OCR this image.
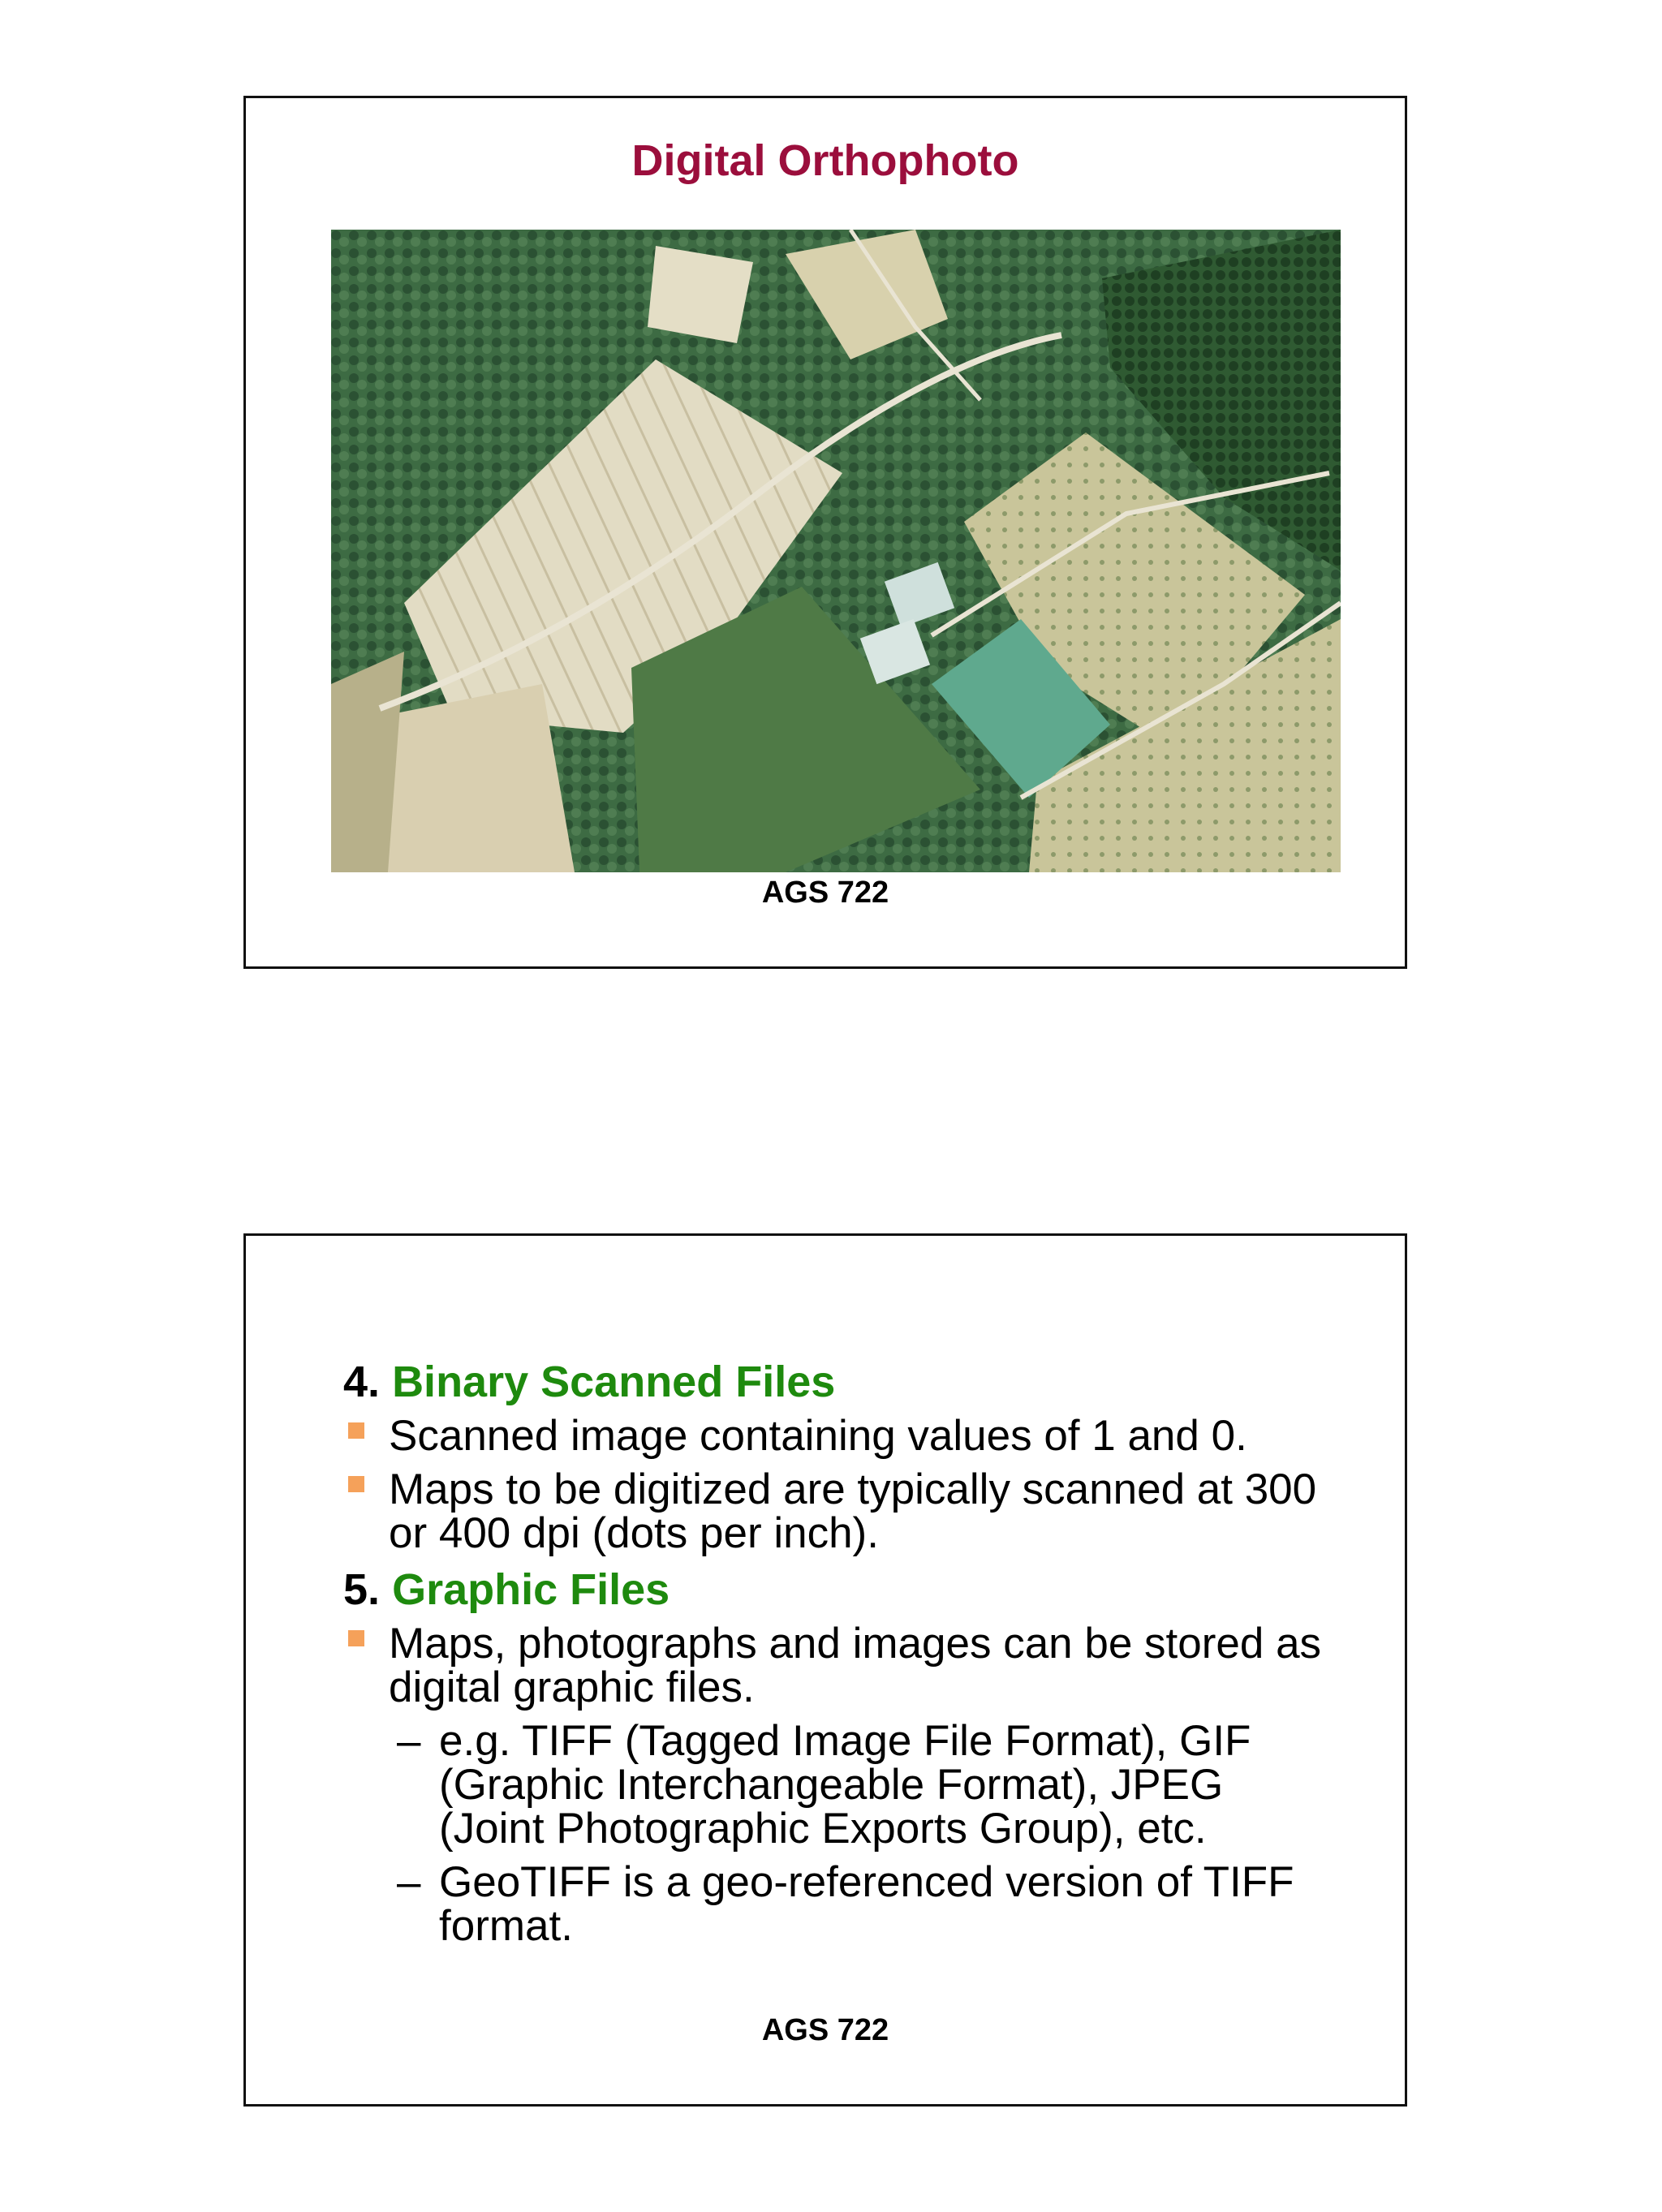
Digital Orthophoto
AGS 722
4. Binary Scanned Files
Scanned image containing values of 1 and 0.
Maps to be digitized are typically scanned at 300 or 400 dpi (dots per inch).
5. Graphic Files
Maps, photographs and images can be stored as digital graphic files.
– e.g. TIFF (Tagged Image File Format), GIF (Graphic Interchangeable Format), JPEG (Joint Photographic Exports Group), etc.
– GeoTIFF is a geo-referenced version of TIFF format.
AGS 722
